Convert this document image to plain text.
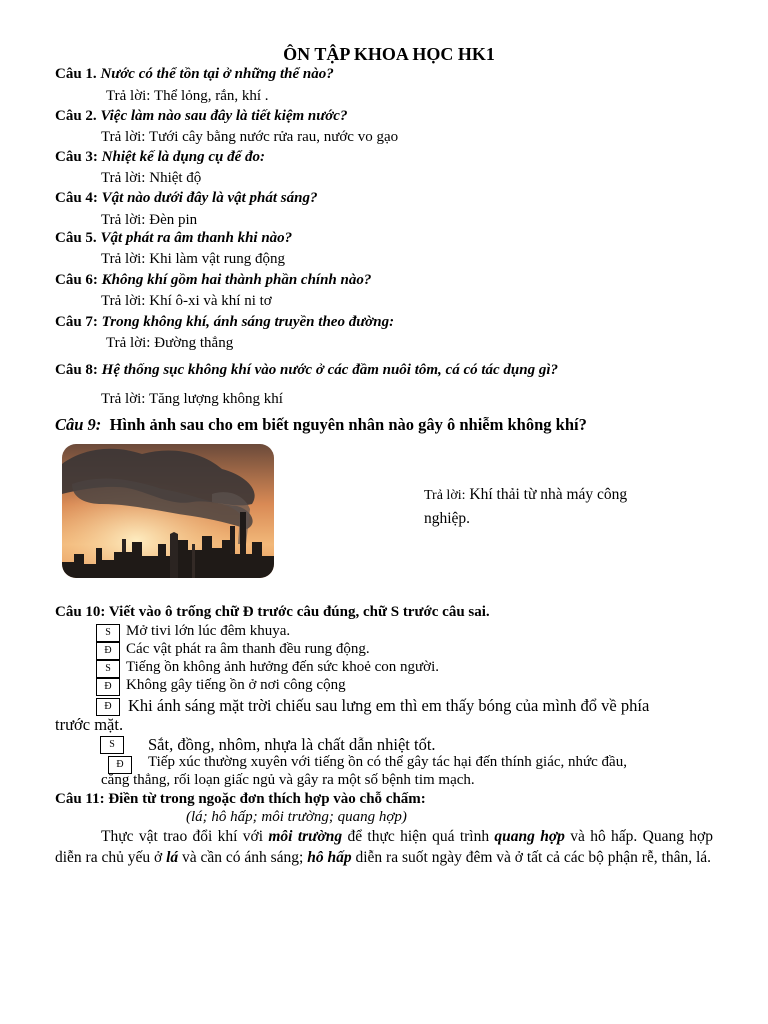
ÔN TẬP KHOA HỌC HK1
Câu 1. Nước có thể tồn tại ở những thể nào?
Trả lời: Thể lỏng, rắn, khí .
Câu 2. Việc làm nào sau đây là tiết kiệm nước?
Trả lời: Tưới cây bằng nước rửa rau, nước vo gạo
Câu 3: Nhiệt kế là dụng cụ để đo:
Trả lời: Nhiệt độ
Câu 4: Vật nào dưới đây là vật phát sáng?
Trả lời: Đèn pin
Câu 5. Vật phát ra âm thanh khi nào?
Trả lời: Khi làm vật rung động
Câu 6: Không khí gồm hai thành phần chính nào?
Trả lời: Khí ô-xi và khí ni tơ
Câu 7: Trong không khí, ánh sáng truyền theo đường:
Trả lời: Đường thẳng
Câu 8: Hệ thống sục không khí vào nước ở các đầm nuôi tôm, cá có tác dụng gì?
Trả lời: Tăng lượng không khí
Câu 9: Hình ảnh sau cho em biết nguyên nhân nào gây ô nhiễm không khí?
Trả lời: Khí thải từ nhà máy công
nghiệp.
Câu 10: Viết vào ô trống chữ Đ trước câu đúng, chữ S trước câu sai.
S	Mở tivi lớn lúc đêm khuya.
Đ Các vật phát ra âm thanh đều rung động.
S	Tiếng ồn không ảnh hưởng đến sức khoẻ con người.
Đ Không gây tiếng ồn ở nơi công cộng
Đ Khi ánh sáng mặt trời chiếu sau lưng em thì em thấy bóng của mình đổ về phía
trước mặt.
S	Sắt, đồng, nhôm, nhựa là chất dẫn nhiệt tốt.
Đ	Tiếp xúc thường xuyên với tiếng ồn có thể gây tác hại đến thính giác, nhức đầu,
căng thẳng, rối loạn giấc ngủ và gây ra một số bệnh tim mạch.
Câu 11: Điền từ trong ngoặc đơn thích hợp vào chỗ chấm:
(lá; hô hấp; môi trường; quang hợp)
Thực vật trao đổi khí với môi trường để thực hiện quá trình quang hợp và hô hấp. Quang hợp diễn ra chủ yếu ở lá và cần có ánh sáng; hô hấp diễn ra suốt ngày đêm và ở tất cả các bộ phận rễ, thân, lá.
